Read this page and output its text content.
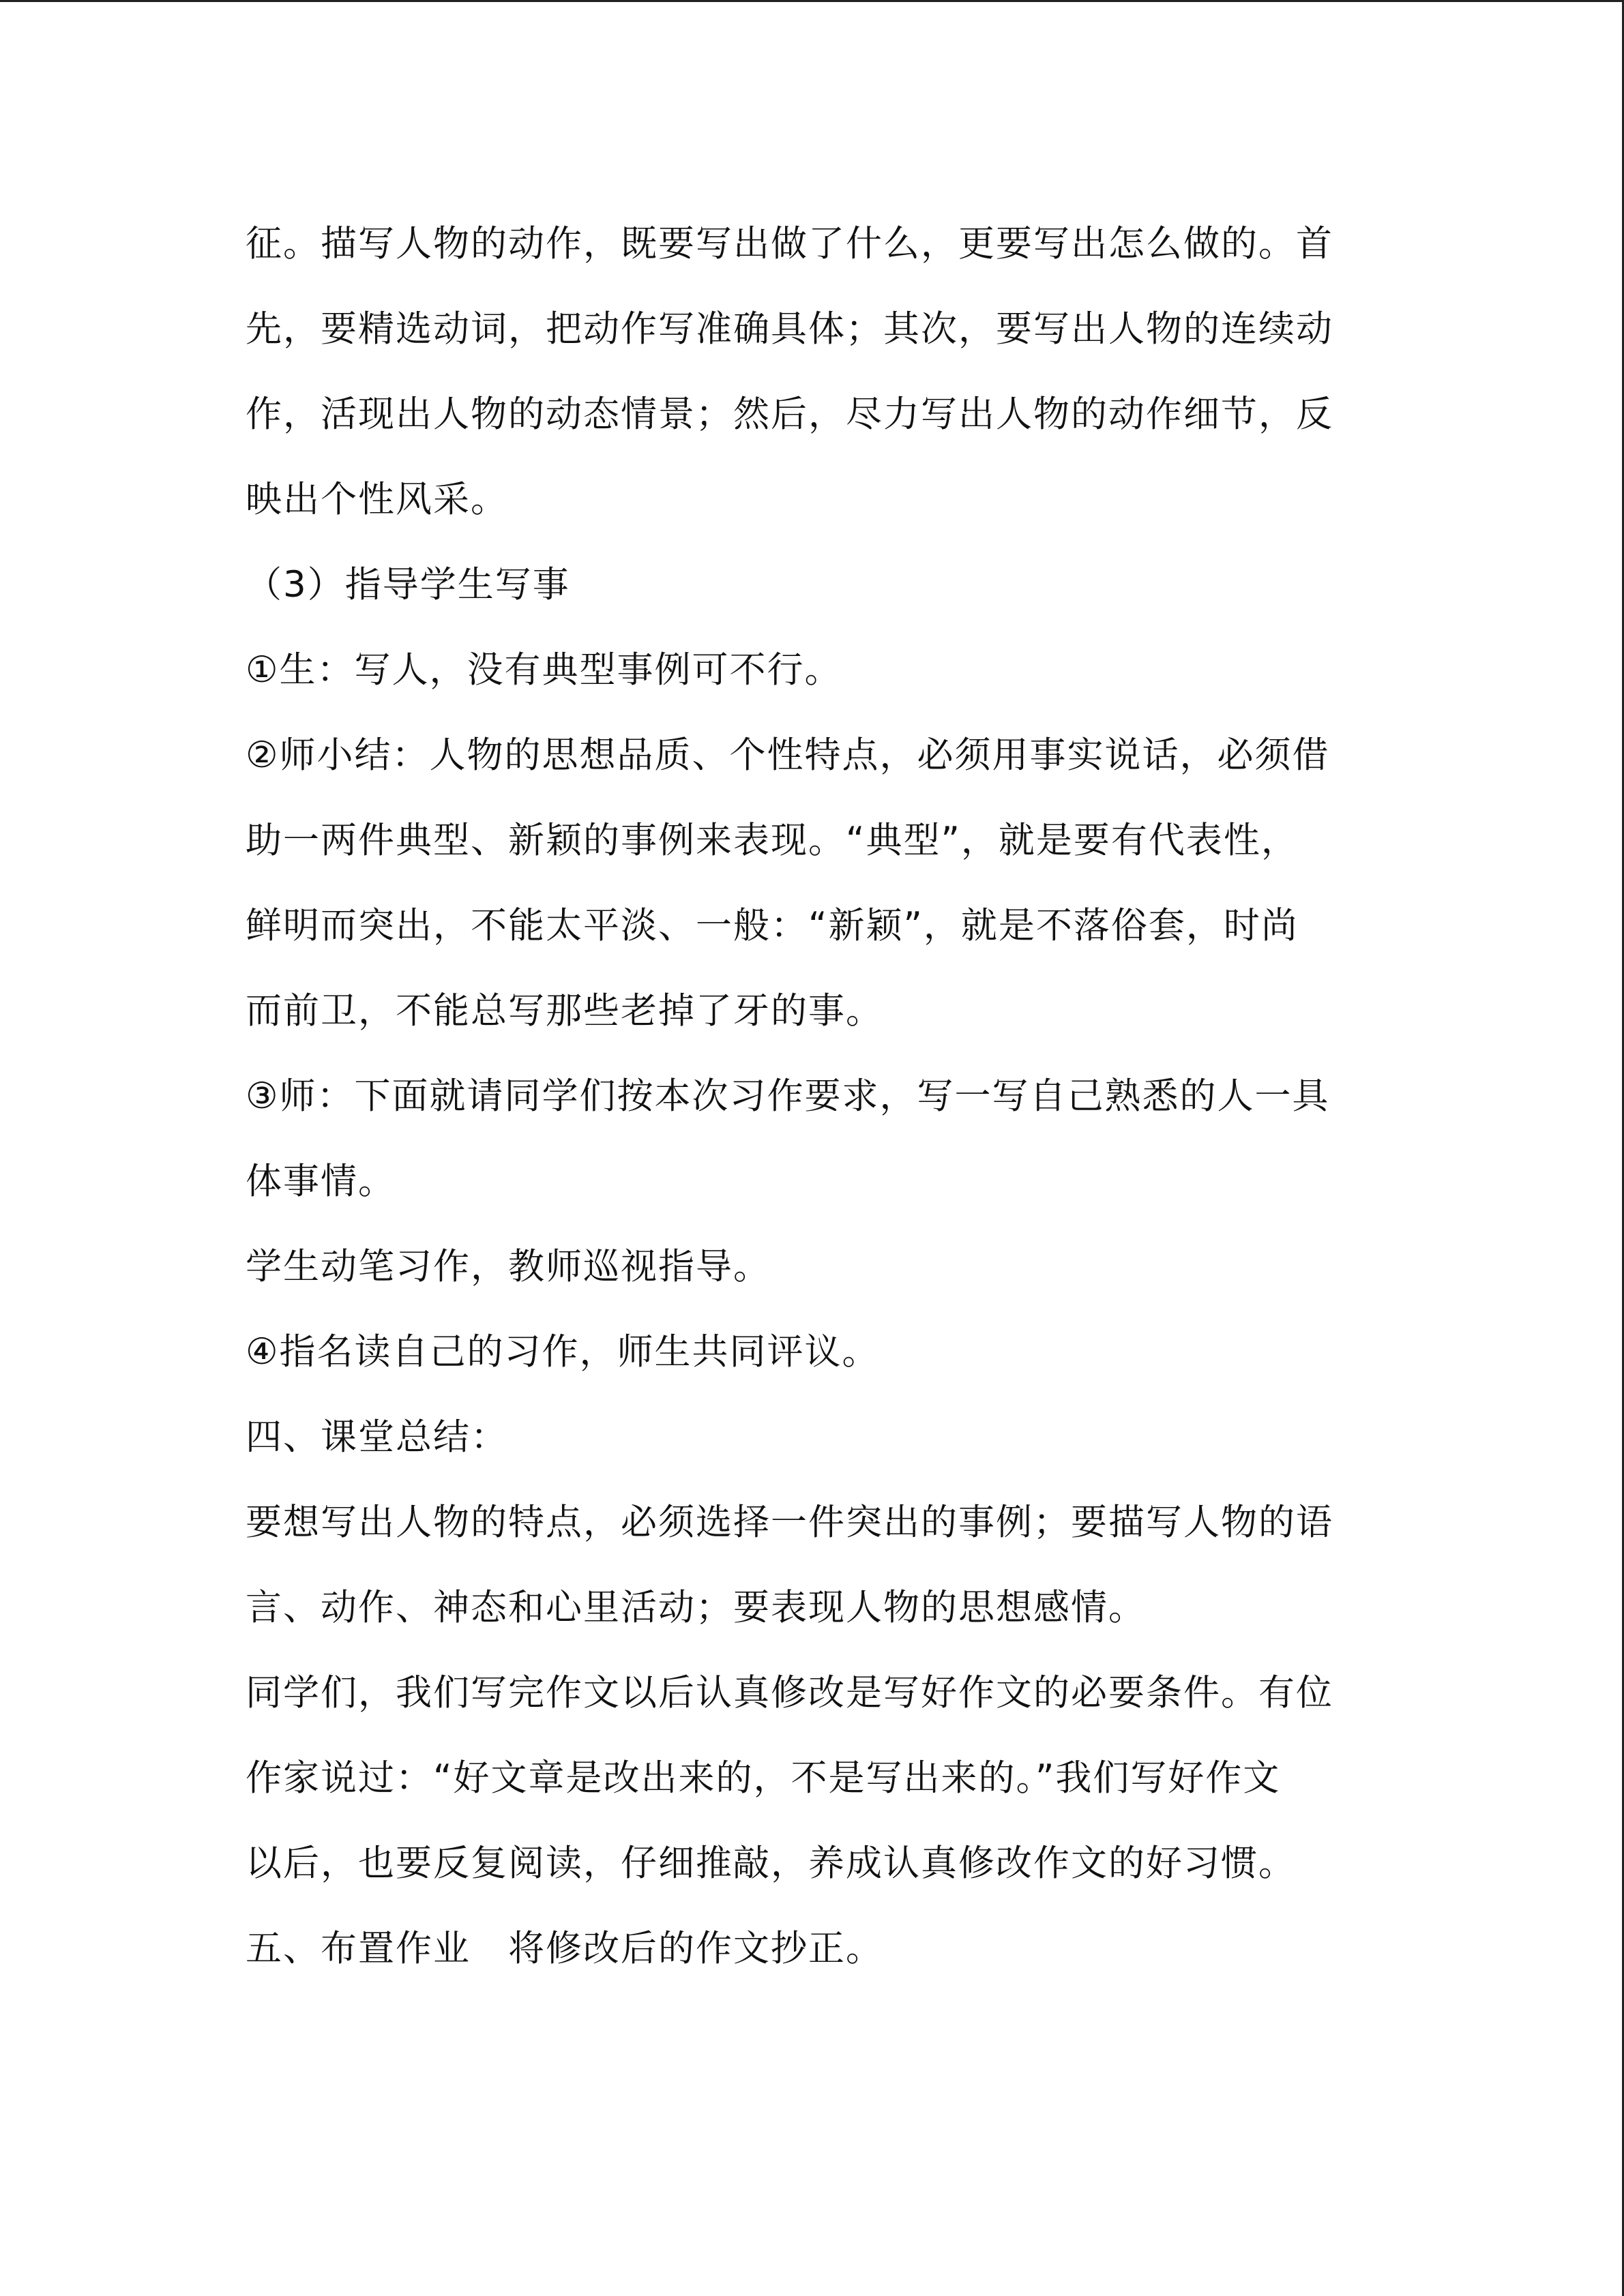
征。描写人物的动作，既要写出做了什么，更要写出怎么做的。首
先，要精选动词，把动作写准确具体；其次，要写出人物的连续动
作，活现出人物的动态情景；然后，尽力写出人物的动作细节，反
映出个性风采。

（3）指导学生写事

①生：写人，没有典型事例可不行。

②师小结：人物的思想品质、个性特点，必须用事实说话，必须借
助一两件典型、新颖的事例来表现。“典型”，就是要有代表性，
鲜明而突出，不能太平淡、一般：“新颖”，就是不落俗套，时尚
而前卫，不能总写那些老掉了牙的事。

③师：下面就请同学们按本次习作要求，写一写自己熟悉的人一具
体事情。

学生动笔习作，教师巡视指导。

④指名读自己的习作，师生共同评议。

四、课堂总结：

要想写出人物的特点，必须选择一件突出的事例；要描写人物的语
言、动作、神态和心里活动；要表现人物的思想感情。

同学们，我们写完作文以后认真修改是写好作文的必要条件。有位
作家说过：“好文章是改出来的，不是写出来的。”我们写好作文
以后，也要反复阅读，仔细推敲，养成认真修改作文的好习惯。

五、布置作业　将修改后的作文抄正。
